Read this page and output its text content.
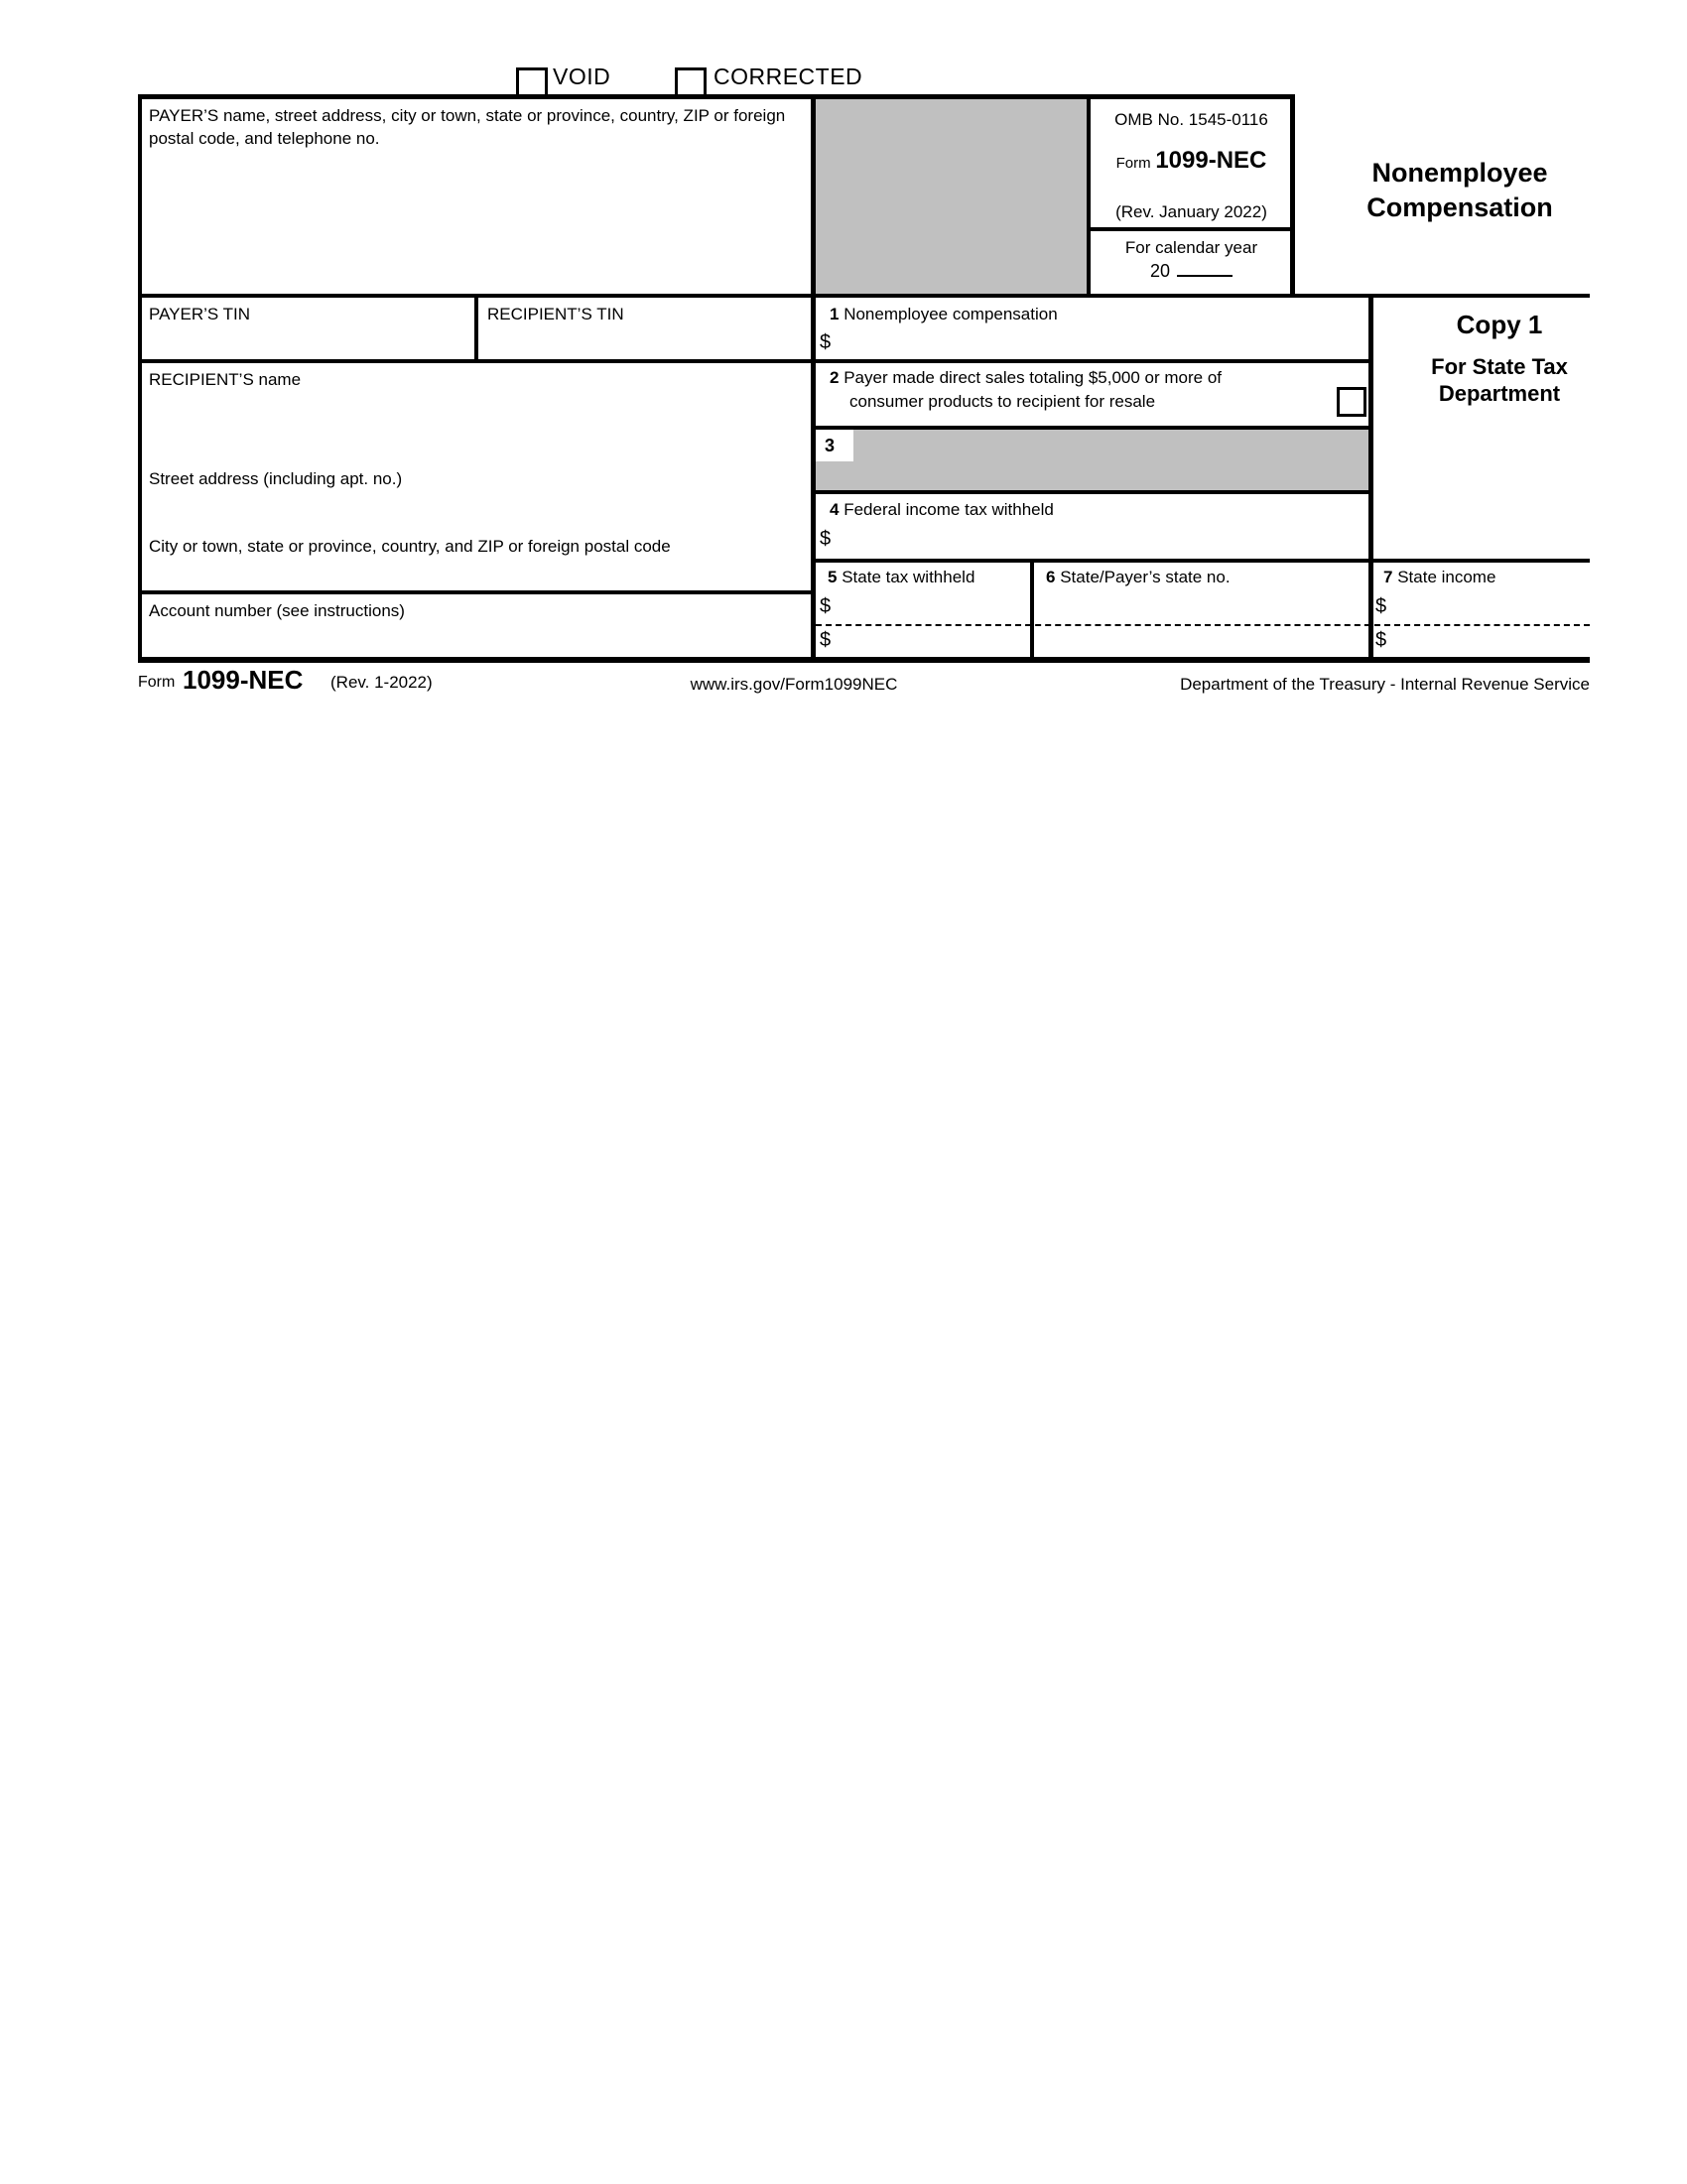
VOID	CORRECTED
PAYER’S name, street address, city or town, state or province, country, ZIP or foreign postal code, and telephone no.
OMB No. 1545-0116
Form 1099-NEC
(Rev. January 2022)
For calendar year
20
Nonemployee
Compensation
PAYER’S TIN	RECIPIENT’S TIN	1 Nonemployee compensation
$
Copy 1
For State Tax
Department
RECIPIENT’S name
Street address (including apt. no.)
City or town, state or province, country, and ZIP or foreign postal code
2 Payer made direct sales totaling $5,000 or more of
consumer products to recipient for resale
3
4 Federal income tax withheld
$
Account number (see instructions)
5 State tax withheld
$
$
6 State/Payer’s state no.	7 State income
$
$
Form 1099-NEC (Rev. 1-2022)	www.irs.gov/Form1099NEC	Department of the Treasury - Internal Revenue Service
